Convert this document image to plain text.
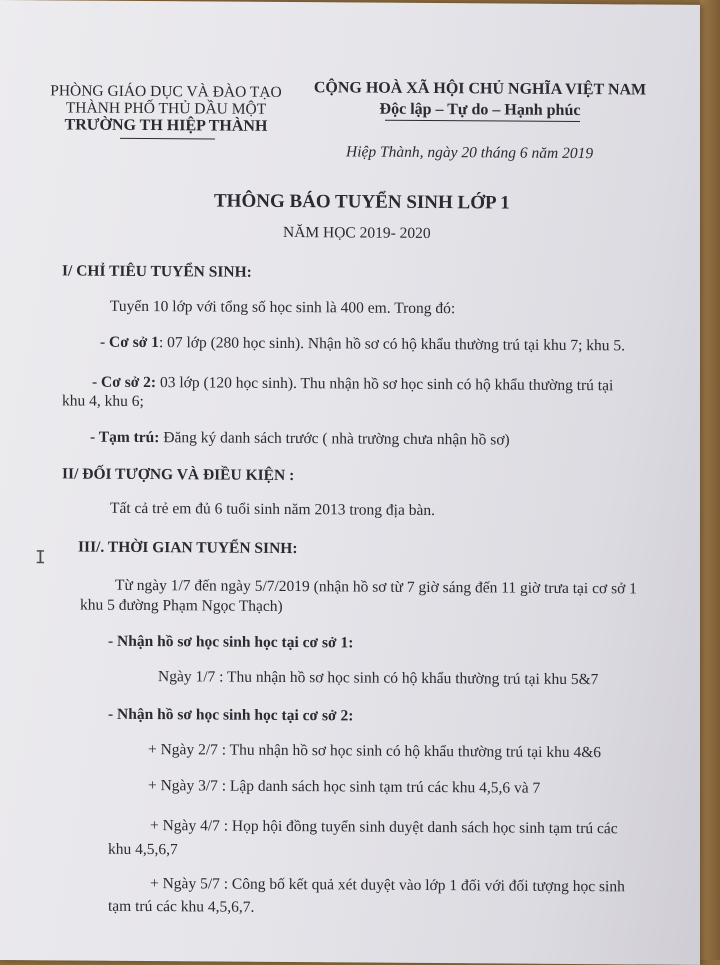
PHÒNG GIÁO DỤC VÀ ĐÀO TẠO
THÀNH PHỐ THỦ DẦU MỘT
TRƯỜNG TH HIỆP THÀNH
CỘNG HOÀ XÃ HỘI CHỦ NGHĨA VIỆT NAM
Độc lập – Tự do – Hạnh phúc
Hiệp Thành, ngày 20 tháng 6 năm 2019
THÔNG BÁO TUYỂN SINH LỚP 1
NĂM HỌC 2019- 2020
I/ CHỈ TIÊU TUYỂN SINH:
Tuyển 10 lớp với tổng số học sinh là 400 em. Trong đó:
- Cơ sở 1: 07 lớp (280 học sinh). Nhận hồ sơ có hộ khẩu thường trú tại khu 7; khu 5.
- Cơ sở 2: 03 lớp (120 học sinh). Thu nhận hồ sơ học sinh có hộ khẩu thường trú tại
khu 4, khu 6;
- Tạm trú: Đăng ký danh sách trước ( nhà trường chưa nhận hồ sơ)
II/ ĐỐI TƯỢNG VÀ ĐIỀU KIỆN :
Tất cả trẻ em đủ 6 tuổi sinh năm 2013 trong địa bàn.
I III/. THỜI GIAN TUYỂN SINH:
Từ ngày 1/7 đến ngày 5/7/2019 (nhận hồ sơ từ 7 giờ sáng đến 11 giờ trưa tại cơ sở 1
khu 5 đường Phạm Ngọc Thạch)
- Nhận hồ sơ học sinh học tại cơ sở 1:
Ngày 1/7 : Thu nhận hồ sơ học sinh có hộ khẩu thường trú tại khu 5&7
- Nhận hồ sơ học sinh học tại cơ sở 2:
+ Ngày 2/7 : Thu nhận hồ sơ học sinh có hộ khẩu thường trú tại khu 4&6
+ Ngày 3/7 : Lập danh sách học sinh tạm trú các khu 4,5,6 và 7
+ Ngày 4/7 : Họp hội đồng tuyển sinh duyệt danh sách học sinh tạm trú các
khu 4,5,6,7
+ Ngày 5/7 : Công bố kết quả xét duyệt vào lớp 1 đối với đối tượng học sinh
tạm trú các khu 4,5,6,7.
